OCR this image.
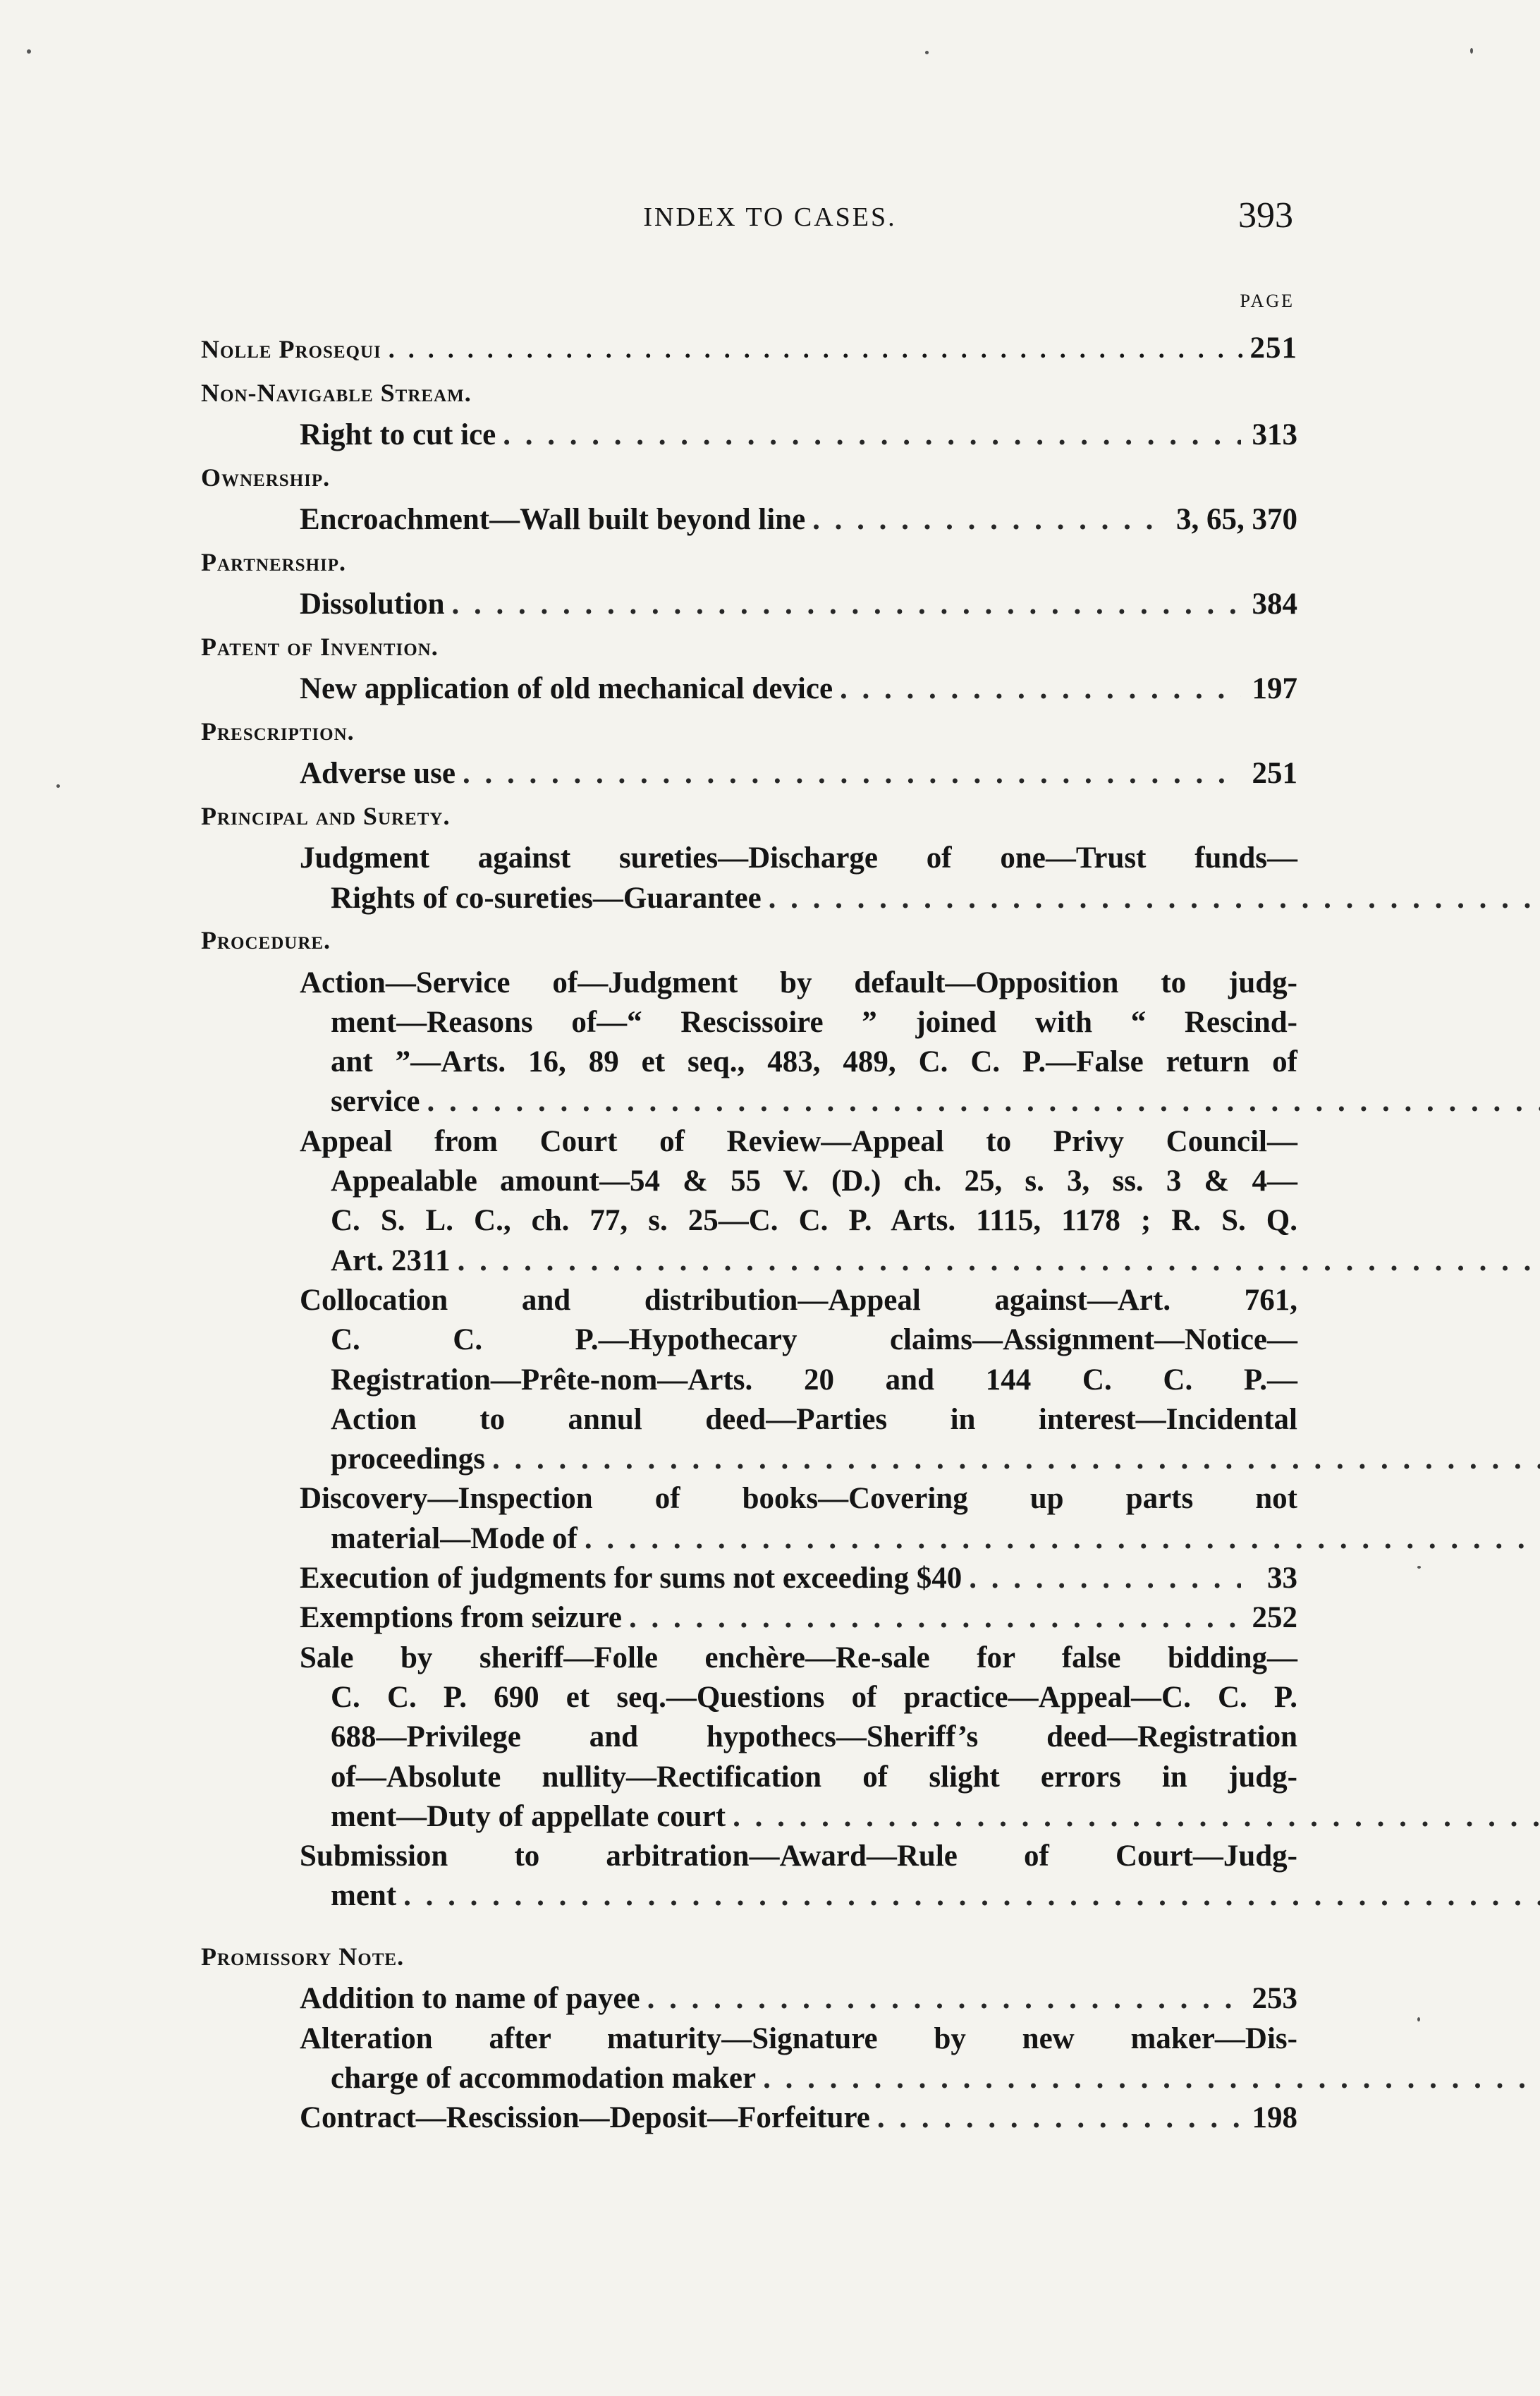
INDEX TO CASES.	393
PAGE
Nolle Prosequi . . .	251
Non-Navigable Stream.
Right to cut ice . . .	313
Ownership.
Encroachment—Wall built beyond line . . .	3, 65, 370
Partnership.
Dissolution . . .	384
Patent of Invention.
New application of old mechanical device . . .	197
Prescription.
Adverse use . . .	251
Principal and Surety.
Judgment against sureties—Discharge of one—Trust funds—
Rights of co-sureties—Guarantee . . .
Procedure.
Action—Service of—Judgment by default—Opposition to judg-
ment—Reasons of—“ Rescissoire ” joined with “ Rescind-
ant ”—Arts. 16, 89 et seq., 483, 489, C. C. P.—False return of
service . . .
Appeal from Court of Review—Appeal to Privy Council—
Appealable amount—54 & 55 V. (D.) ch. 25, s. 3, ss. 3 & 4—
C. S. L. C., ch. 77, s. 25—C. C. P. Arts. 1115, 1178 ; R. S. Q.
Art. 2311 . . .
Collocation and distribution—Appeal against—Art. 761,
C. C. P.—Hypothecary claims—Assignment—Notice—
Registration—Prête-nom—Arts. 20 and 144 C. C. P.—
Action to annul deed—Parties in interest—Incidental
proceedings . . .
Discovery—Inspection of books—Covering up parts not
material—Mode of . . .
Execution of judgments for sums not exceeding $40 . . .	33
Exemptions from seizure . . .	252
Sale by sheriff—Folle enchère—Re-sale for false bidding—
C. C. P. 690 et seq.—Questions of practice—Appeal—C. C. P.
688—Privilege and hypothecs—Sheriff’s deed—Registration
of—Absolute nullity—Rectification of slight errors in judg-
ment—Duty of appellate court . . .
Submission to arbitration—Award—Rule of Court—Judg-
ment . . .
Promissory Note.
Addition to name of payee . . .	253
Alteration after maturity—Signature by new maker—Dis-
charge of accommodation maker . . .
Contract—Rescission—Deposit—Forfeiture . . .	198
